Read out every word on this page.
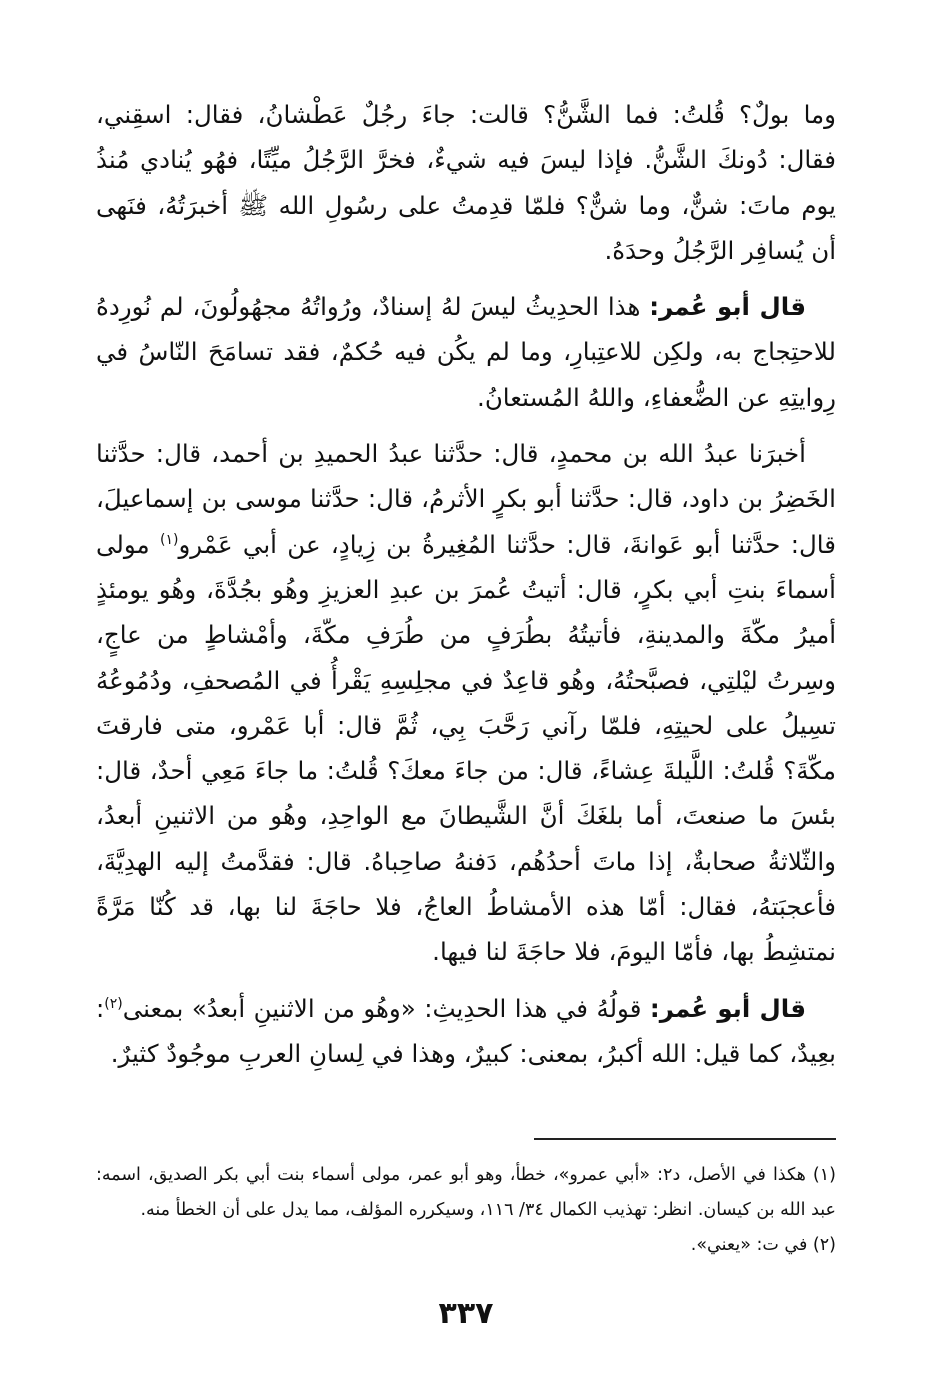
وما بولٌ؟ قُلتُ: فما الشَّنُّ؟ قالت: جاءَ رجُلٌ عَطْشانُ، فقال: اسقِني، فقال: دُونكَ الشَّنُّ. فإذا ليسَ فيه شيءٌ، فخرَّ الرَّجُلُ ميِّتًا، فهُو يُنادي مُنذُ يوم ماتَ: شنٌّ، وما شنٌّ؟ فلمّا قدِمتُ على رسُولِ الله ﷺ أخبرَتُهُ، فنَهى أن يُسافِر الرَّجُلُ وحدَهُ.

قال أبو عُمر: هذا الحدِيثُ ليسَ لهُ إسنادٌ، ورُواتُهُ مجهُولُونَ، لم نُورِدهُ للاحتِجاج به، ولكِن للاعتِبارِ، وما لم يكُن فيه حُكمٌ، فقد تسامَحَ النّاسُ في رِوايتِهِ عن الضُّعفاءِ، واللهُ المُستعانُ.

أخبرَنا عبدُ الله بن محمدٍ، قال: حدَّثنا عبدُ الحميدِ بن أحمد، قال: حدَّثنا الخَضِرُ بن داود، قال: حدَّثنا أبو بكرٍ الأثرمُ، قال: حدَّثنا موسى بن إسماعيلَ، قال: حدَّثنا أبو عَوانةَ، قال: حدَّثنا المُغِيرةُ بن زِيادٍ، عن أبي عَمْرو$^{(١)}$ مولى أسماءَ بنتِ أبي بكرٍ، قال: أتيتُ عُمرَ بن عبدِ العزيزِ وهُو بجُدَّةَ، وهُو يومئذٍ أميرُ مكّةَ والمدينةِ، فأتيتُهُ بطُرَفٍ من طُرَفِ مكّةَ، وأمْشاطٍ من عاجٍ، وسِرتُ ليْلتِي، فصبَّحتُهُ، وهُو قاعِدٌ في مجلِسِهِ يَقْرأُ في المُصحفِ، ودُمُوعُهُ تسِيلُ على لحيتِهِ، فلمّا رآني رَحَّبَ بِي، ثُمَّ قال: أبا عَمْرو، متى فارقتَ مكّةَ؟ قُلتُ: اللَّيلةَ عِشاءً، قال: من جاءَ معكَ؟ قُلتُ: ما جاءَ مَعِي أحدٌ، قال: بئسَ ما صنعتَ، أما بلغَكَ أنَّ الشَّيطانَ مع الواحِدِ، وهُو من الاثنينِ أبعدُ، والثّلاثةُ صحابةٌ، إذا ماتَ أحدُهُم، دَفنهُ صاحِباهُ. قال: فقدَّمتُ إليه الهدِيَّةَ، فأعجبَتهُ، فقال: أمّا هذه الأمشاطُ العاجُ، فلا حاجَةَ لنا بها، قد كُنّا مَرَّةً نمتشِطُ بها، فأمّا اليومَ، فلا حاجَةَ لنا فيها.

قال أبو عُمر: قولُهُ في هذا الحدِيثِ: «وهُو من الاثنينِ أبعدُ» بمعنى$^{(٢)}$: بعِيدٌ، كما قيل: الله أكبرُ، بمعنى: كبيرٌ، وهذا في لِسانِ العربِ موجُودٌ كثيرٌ.

(١) هكذا في الأصل، د٢: «أبي عمرو»، خطأ، وهو أبو عمر، مولى أسماء بنت أبي بكر الصديق، اسمه: عبد الله بن كيسان. انظر: تهذيب الكمال ٣٤/ ١١٦، وسيكرره المؤلف، مما يدل على أن الخطأ منه.

(٢) في ت: «يعني».

٣٣٧
